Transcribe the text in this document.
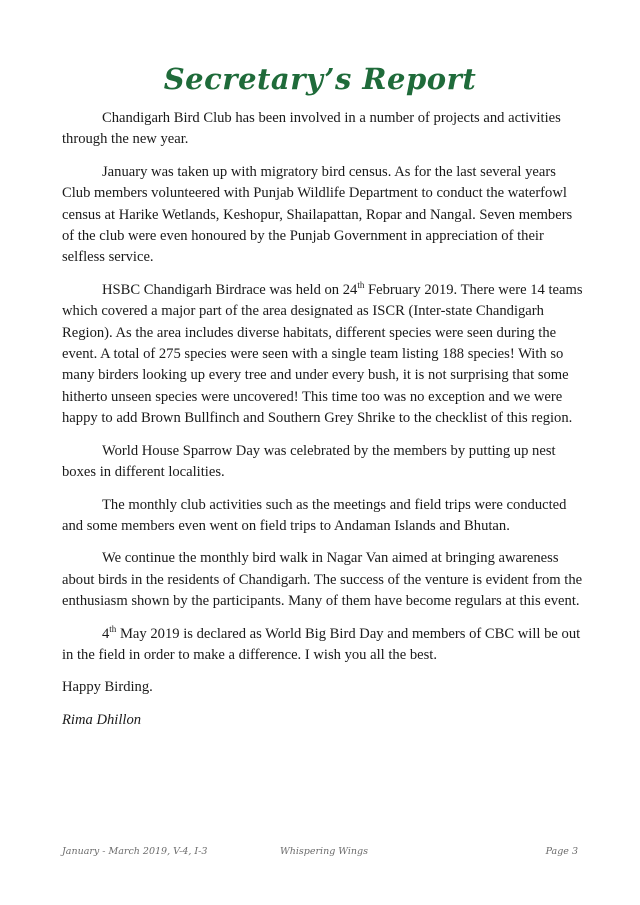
Secretary’s Report

Chandigarh Bird Club has been involved in a number of projects and activities through the new year.

January was taken up with migratory bird census. As for the last several years Club members volunteered with Punjab Wildlife Department to conduct the waterfowl census at Harike Wetlands, Keshopur, Shailapattan, Ropar and Nangal. Seven members of the club were even honoured by the Punjab Government in appreciation of their selfless service.

HSBC Chandigarh Birdrace was held on 24th February 2019. There were 14 teams which covered a major part of the area designated as ISCR (Inter-state Chandigarh Region). As the area includes diverse habitats, different species were seen during the event. A total of 275 species were seen with a single team listing 188 species! With so many birders looking up every tree and under every bush, it is not surprising that some hitherto unseen species were uncovered! This time too was no exception and we were happy to add Brown Bullfinch and Southern Grey Shrike to the checklist of this region.

World House Sparrow Day was celebrated by the members by putting up nest boxes in different localities.

The monthly club activities such as the meetings and field trips were conducted and some members even went on field trips to Andaman Islands and Bhutan.

We continue the monthly bird walk in Nagar Van aimed at bringing awareness about birds in the residents of Chandigarh. The success of the venture is evident from the enthusiasm shown by the participants. Many of them have become regulars at this event.

4th May 2019 is declared as World Big Bird Day and members of CBC will be out in the field in order to make a difference. I wish you all the best.

Happy Birding.

Rima Dhillon

January - March 2019, V-4, I-3	Whispering Wings	Page 3
